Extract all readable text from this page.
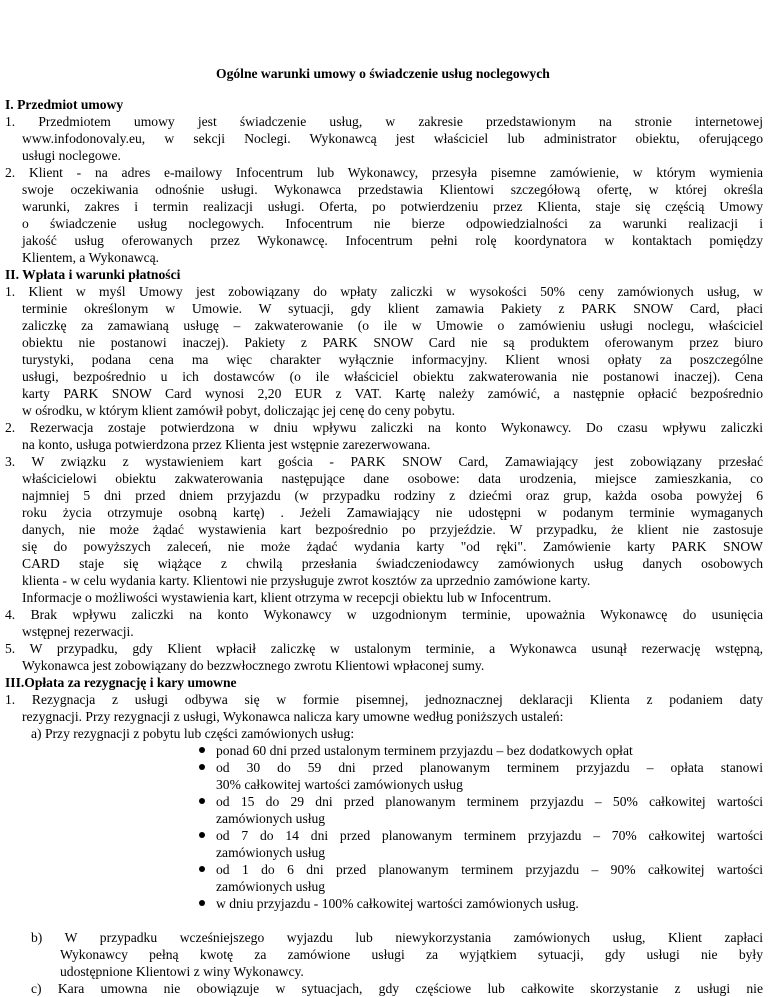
Ogólne warunki umowy o świadczenie usług noclegowych
I. Przedmiot umowy
1. Przedmiotem umowy jest świadczenie usług, w zakresie przedstawionym na stronie internetowej
www.infodonovaly.eu, w sekcji Noclegi. Wykonawcą jest właściciel lub administrator obiektu, oferującego
usługi noclegowe.
2. Klient - na adres e-mailowy Infocentrum lub Wykonawcy, przesyła pisemne zamówienie, w którym wymienia
swoje oczekiwania odnośnie usługi. Wykonawca przedstawia Klientowi szczegółową ofertę, w której określa
warunki, zakres i termin realizacji usługi. Oferta, po potwierdzeniu przez Klienta, staje się częścią Umowy
o świadczenie usług noclegowych. Infocentrum nie bierze odpowiedzialności za warunki realizacji i
jakość usług oferowanych przez Wykonawcę. Infocentrum pełni rolę koordynatora w kontaktach pomiędzy
Klientem, a Wykonawcą.
II. Wpłata i warunki płatności
1. Klient w myśl Umowy jest zobowiązany do wpłaty zaliczki w wysokości 50% ceny zamówionych usług, w
terminie określonym w Umowie. W sytuacji, gdy klient zamawia Pakiety z PARK SNOW Card, płaci
zaliczkę za zamawianą usługę – zakwaterowanie (o ile w Umowie o zamówieniu usługi noclegu, właściciel
obiektu nie postanowi inaczej). Pakiety z PARK SNOW Card nie są produktem oferowanym przez biuro
turystyki, podana cena ma więc charakter wyłącznie informacyjny. Klient wnosi opłaty za poszczególne
usługi, bezpośrednio u ich dostawców (o ile właściciel obiektu zakwaterowania nie postanowi inaczej). Cena
karty PARK SNOW Card wynosi 2,20 EUR z VAT. Kartę należy zamówić, a następnie opłacić bezpośrednio
w ośrodku, w którym klient zamówił pobyt, doliczając jej cenę do ceny pobytu.
2. Rezerwacja zostaje potwierdzona w dniu wpływu zaliczki na konto Wykonawcy. Do czasu wpływu zaliczki
na konto, usługa potwierdzona przez Klienta jest wstępnie zarezerwowana.
3. W związku z wystawieniem kart gościa - PARK SNOW Card, Zamawiający jest zobowiązany przesłać
właścicielowi obiektu zakwaterowania następujące dane osobowe: data urodzenia, miejsce zamieszkania, co
najmniej 5 dni przed dniem przyjazdu (w przypadku rodziny z dziećmi oraz grup, każda osoba powyżej 6
roku życia otrzymuje osobną kartę) . Jeżeli Zamawiający nie udostępni w podanym terminie wymaganych
danych, nie może żądać wystawienia kart bezpośrednio po przyjeździe. W przypadku, że klient nie zastosuje
się do powyższych zaleceń, nie może żądać wydania karty "od ręki". Zamówienie karty PARK SNOW
CARD staje się wiążące z chwilą przesłania świadczeniodawcy zamówionych usług danych osobowych
klienta - w celu wydania karty. Klientowi nie przysługuje zwrot kosztów za uprzednio zamówione karty.
Informacje o możliwości wystawienia kart, klient otrzyma w recepcji obiektu lub w Infocentrum.
4. Brak wpływu zaliczki na konto Wykonawcy w uzgodnionym terminie, upoważnia Wykonawcę do usunięcia
wstępnej rezerwacji.
5. W przypadku, gdy Klient wpłacił zaliczkę w ustalonym terminie, a Wykonawca usunął rezerwację wstępną,
Wykonawca jest zobowiązany do bezzwłocznego zwrotu Klientowi wpłaconej sumy.
III.Opłata za rezygnację i kary umowne
1. Rezygnacja z usługi odbywa się w formie pisemnej, jednoznacznej deklaracji Klienta z podaniem daty
rezygnacji. Przy rezygnacji z usługi, Wykonawca nalicza kary umowne według poniższych ustaleń:
a) Przy rezygnacji z pobytu lub części zamówionych usług:
ponad 60 dni przed ustalonym terminem przyjazdu – bez dodatkowych opłat
od 30 do 59 dni przed planowanym terminem przyjazdu – opłata stanowi
30% całkowitej wartości zamówionych usług
od 15 do 29 dni przed planowanym terminem przyjazdu – 50% całkowitej wartości
zamówionych usług
od 7 do 14 dni przed planowanym terminem przyjazdu – 70% całkowitej wartości
zamówionych usług
od 1 do 6 dni przed planowanym terminem przyjazdu – 90% całkowitej wartości
zamówionych usług
w dniu przyjazdu - 100% całkowitej wartości zamówionych usług.
b) W przypadku wcześniejszego wyjazdu lub niewykorzystania zamówionych usług, Klient zapłaci
Wykonawcy pełną kwotę za zamówione usługi za wyjątkiem sytuacji, gdy usługi nie były
udostępnione Klientowi z winy Wykonawcy.
c) Kara umowna nie obowiązuje w sytuacjach, gdy częściowe lub całkowite skorzystanie z usługi nie
